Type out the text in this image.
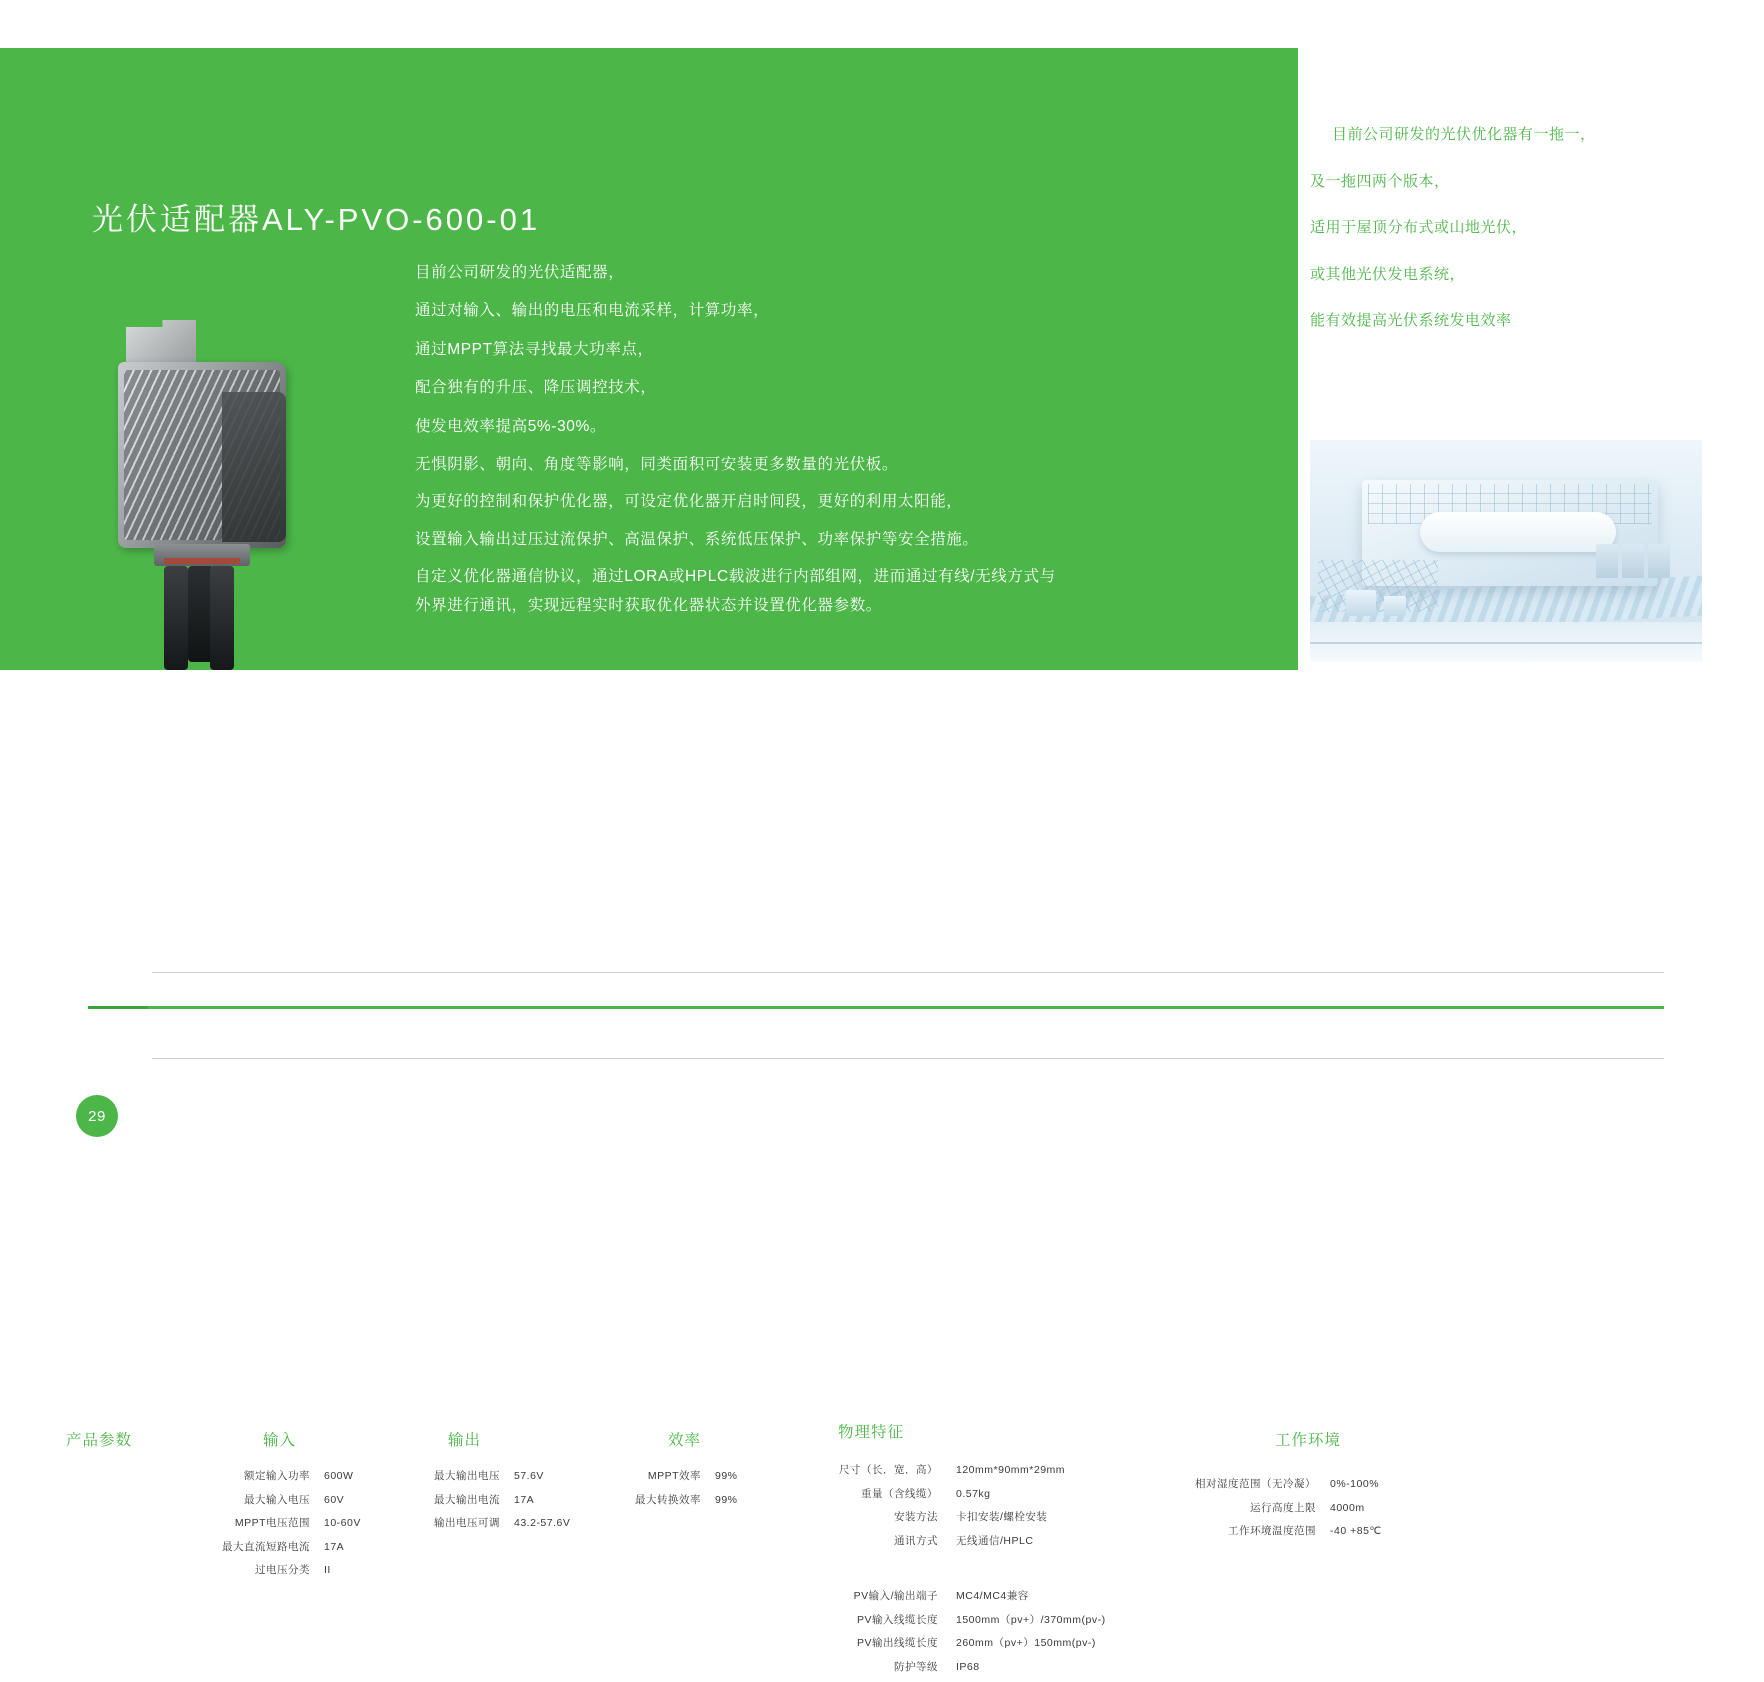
光伏适配器ALY-PVO-600-01

目前公司研发的光伏适配器，

通过对输入、输出的电压和电流采样，计算功率，

通过MPPT算法寻找最大功率点，

配合独有的升压、降压调控技术，

使发电效率提高5%-30%。

无惧阴影、朝向、角度等影响，同类面积可安装更多数量的光伏板。

为更好的控制和保护优化器，可设定优化器开启时间段，更好的利用太阳能，

设置输入输出过压过流保护、高温保护、系统低压保护、功率保护等安全措施。

自定义优化器通信协议，通过LORA或HPLC载波进行内部组网，进而通过有线/无线方式与

外界进行通讯，实现远程实时获取优化器状态并设置优化器参数。

目前公司研发的光伏优化器有一拖一，

及一拖四两个版本，

适用于屋顶分布式或山地光伏，

或其他光伏发电系统，

能有效提高光伏系统发电效率

产品参数	输入	输出	效率	物理特征	工作环境
额定输入功率 600W
最大输入电压 60V
MPPT电压范围 10-60V
最大直流短路电流 17A
过电压分类 II
最大输出电压 57.6V
最大输出电流 17A
输出电压可调 43.2-57.6V
MPPT效率 99%
最大转换效率 99%
尺寸（长．宽．高） 120mm*90mm*29mm
重量（含线缆） 0.57kg
安装方法 卡扣安装/螺栓安装
通讯方式 无线通信/HPLC
PV输入/输出端子 MC4/MC4兼容
PV输入线缆长度 1500mm（pv+）/370mm(pv-)
PV输出线缆长度 260mm（pv+）150mm(pv-)
防护等级 IP68
相对湿度范围（无冷凝） 0%-100%
运行高度上限 4000m
工作环境温度范围 -40 +85℃
29
